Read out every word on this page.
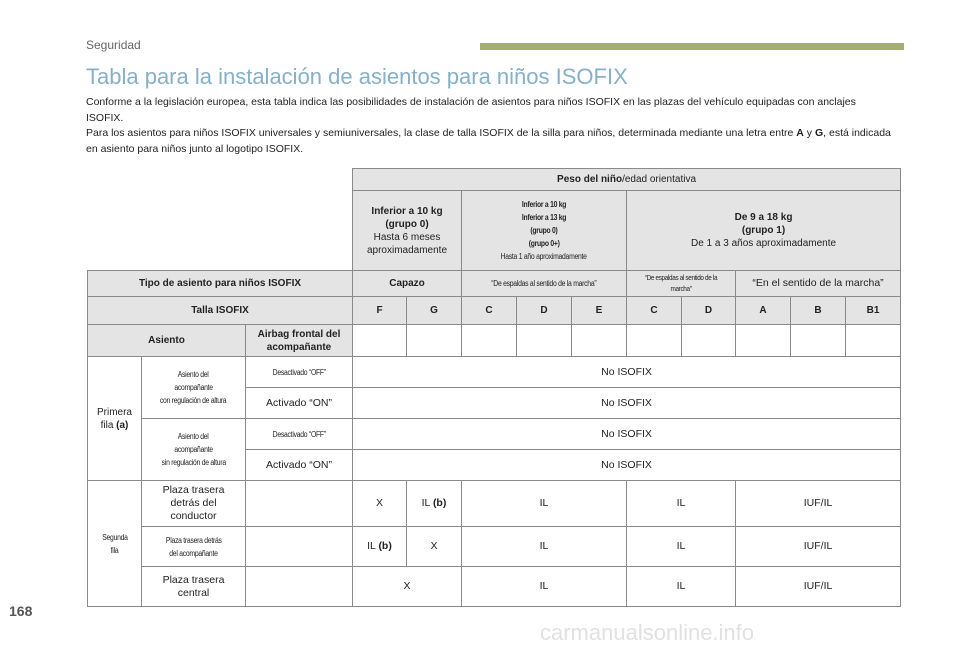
Seguridad
Tabla para la instalación de asientos para niños ISOFIX

Conforme a la legislación europea, esta tabla indica las posibilidades de instalación de asientos para niños ISOFIX en las plazas del vehículo equipadas con anclajes ISOFIX.

Para los asientos para niños ISOFIX universales y semiuniversales, la clase de talla ISOFIX de la silla para niños, determinada mediante una letra entre A y G, está indicada en asiento para niños junto al logotipo ISOFIX.

			Peso del niño/edad orientativa									
			Inferior a 10 kg
(grupo 0)
Hasta 6 meses
aproximadamente		Inferior a 10 kg
Inferior a 13 kg
(grupo 0)
(grupo 0+)
Hasta 1 año aproximadamente			De 9 a 18 kg
(grupo 1)
De 1 a 3 años aproximadamente				
Tipo de asiento para niños ISOFIX			Capazo		“De espaldas al sentido de la marcha”			“De espaldas al sentido de la marcha”		“En el sentido de la marcha”		
Talla ISOFIX			F	G	C	D	E	C	D	A	B	B1
Asiento		Airbag frontal del
acompañante										
Primera
fila (a)	Asiento del
acompañante
con regulación de altura	Desactivado “OFF”	No ISOFIX									
		Activado “ON”	No ISOFIX									
	Asiento del
acompañante
sin regulación de altura	Desactivado “OFF”	No ISOFIX									
		Activado “ON”	No ISOFIX									
Segunda
fila	Plaza trasera
detrás del
conductor		X	IL (b)	IL			IL		IUF/IL		
	Plaza trasera detrás
del acompañante		IL (b)	X	IL			IL		IUF/IL		
	Plaza trasera
central		X		IL			IL		IUF/IL		
168
carmanualsonline.info
